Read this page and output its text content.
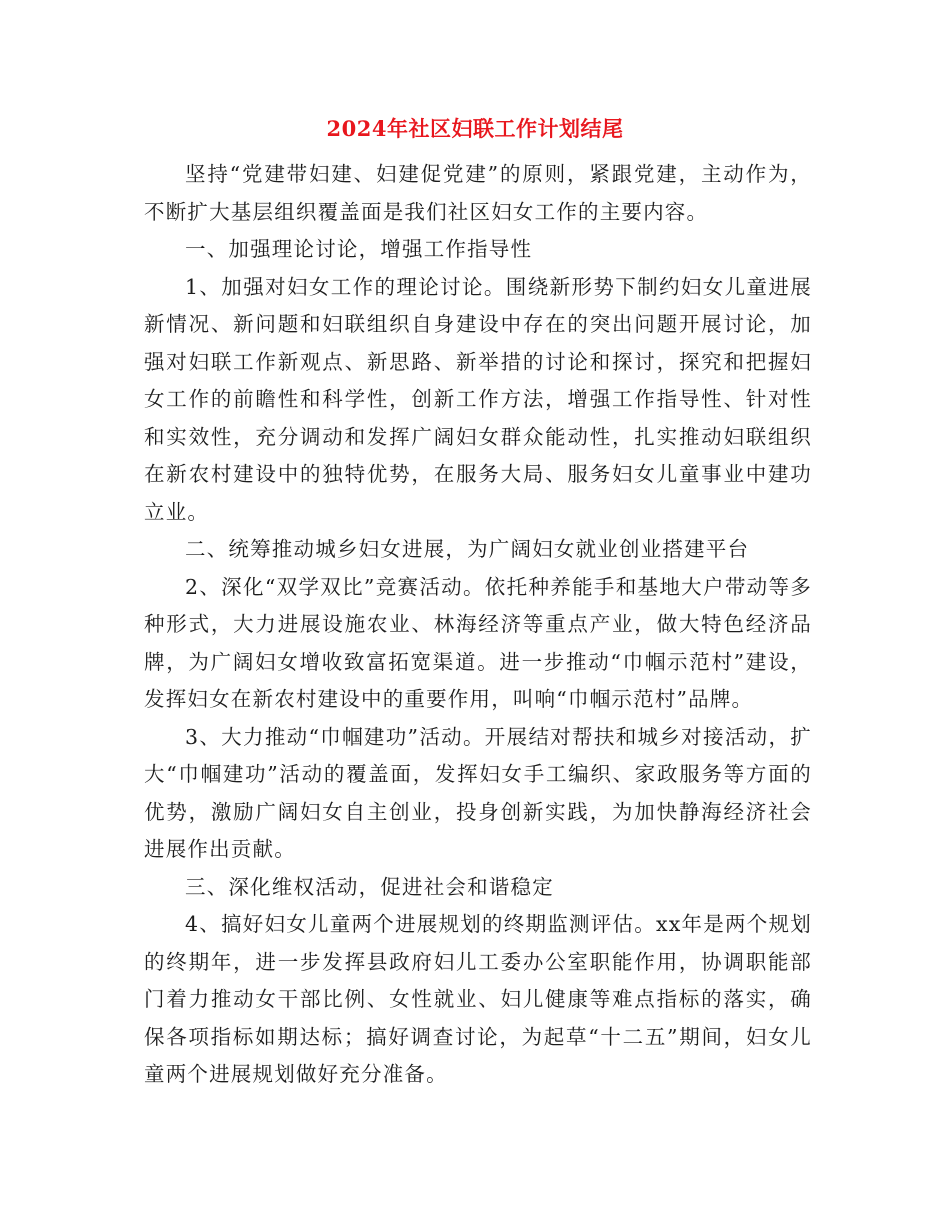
2024年社区妇联工作计划结尾

坚持“党建带妇建、妇建促党建”的原则，紧跟党建，主动作为，不断扩大基层组织覆盖面是我们社区妇女工作的主要内容。

一、加强理论讨论，增强工作指导性

1、加强对妇女工作的理论讨论。围绕新形势下制约妇女儿童进展新情况、新问题和妇联组织自身建设中存在的突出问题开展讨论，加强对妇联工作新观点、新思路、新举措的讨论和探讨，探究和把握妇女工作的前瞻性和科学性，创新工作方法，增强工作指导性、针对性和实效性，充分调动和发挥广阔妇女群众能动性，扎实推动妇联组织在新农村建设中的独特优势，在服务大局、服务妇女儿童事业中建功立业。

二、统筹推动城乡妇女进展，为广阔妇女就业创业搭建平台

2、深化“双学双比”竞赛活动。依托种养能手和基地大户带动等多种形式，大力进展设施农业、林海经济等重点产业，做大特色经济品牌，为广阔妇女增收致富拓宽渠道。进一步推动“巾帼示范村”建设，发挥妇女在新农村建设中的重要作用，叫响“巾帼示范村”品牌。

3、大力推动“巾帼建功”活动。开展结对帮扶和城乡对接活动，扩大“巾帼建功”活动的覆盖面，发挥妇女手工编织、家政服务等方面的优势，激励广阔妇女自主创业，投身创新实践，为加快静海经济社会进展作出贡献。

三、深化维权活动，促进社会和谐稳定

4、搞好妇女儿童两个进展规划的终期监测评估。xx年是两个规划的终期年，进一步发挥县政府妇儿工委办公室职能作用，协调职能部门着力推动女干部比例、女性就业、妇儿健康等难点指标的落实，确保各项指标如期达标；搞好调查讨论，为起草“十二五”期间，妇女儿童两个进展规划做好充分准备。
